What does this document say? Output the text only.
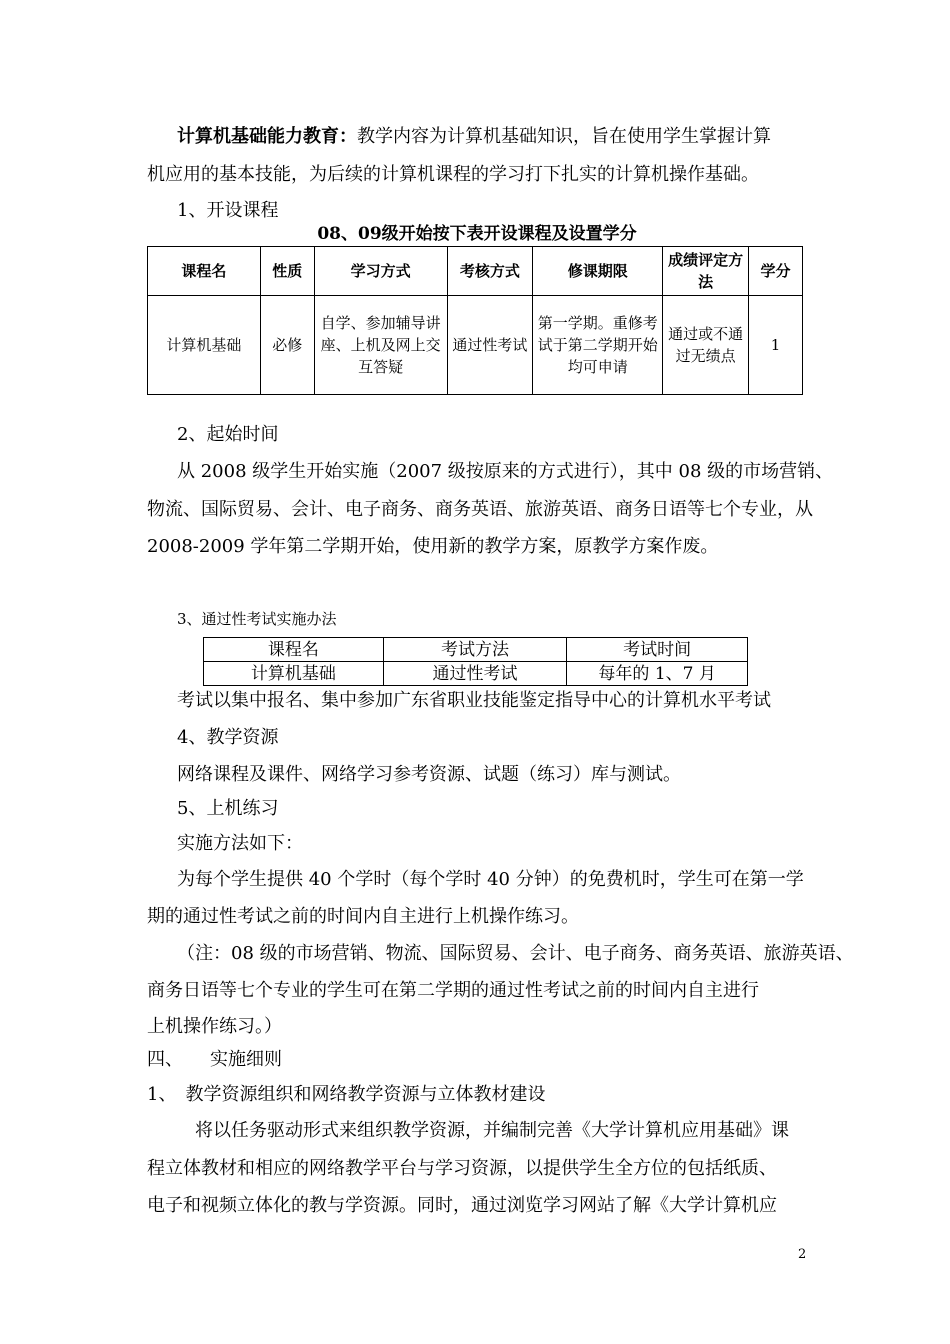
计算机基础能力教育：教学内容为计算机基础知识，旨在使用学生掌握计算
机应用的基本技能，为后续的计算机课程的学习打下扎实的计算机操作基础。
1、开设课程
08、09级开始按下表开设课程及设置学分
课程名	性质	学习方式	考核方式	修课期限	成绩评定方法	学分
计算机基础	必修	自学、参加辅导讲座、上机及网上交互答疑	通过性考试	第一学期。重修考试于第二学期开始均可申请	通过或不通过无绩点	1
2、起始时间
从 2008 级学生开始实施（2007 级按原来的方式进行），其中 08 级的市场营销、
物流、国际贸易、会计、电子商务、商务英语、旅游英语、商务日语等七个专业，从
2008-2009 学年第二学期开始，使用新的教学方案，原教学方案作废。
3、通过性考试实施办法
课程名	考试方法	考试时间
计算机基础	通过性考试	每年的 1、7 月
考试以集中报名、集中参加广东省职业技能鉴定指导中心的计算机水平考试
4、教学资源
网络课程及课件、网络学习参考资源、试题（练习）库与测试。
5、上机练习
实施方法如下：
为每个学生提供 40 个学时（每个学时 40 分钟）的免费机时，学生可在第一学
期的通过性考试之前的时间内自主进行上机操作练习。
（注：08 级的市场营销、物流、国际贸易、会计、电子商务、商务英语、旅游英语、
商务日语等七个专业的学生可在第二学期的通过性考试之前的时间内自主进行
上机操作练习。）
四、　　实施细则
1、　教学资源组织和网络教学资源与立体教材建设
　将以任务驱动形式来组织教学资源，并编制完善《大学计算机应用基础》课
程立体教材和相应的网络教学平台与学习资源，以提供学生全方位的包括纸质、
电子和视频立体化的教与学资源。同时，通过浏览学习网站了解《大学计算机应
2
